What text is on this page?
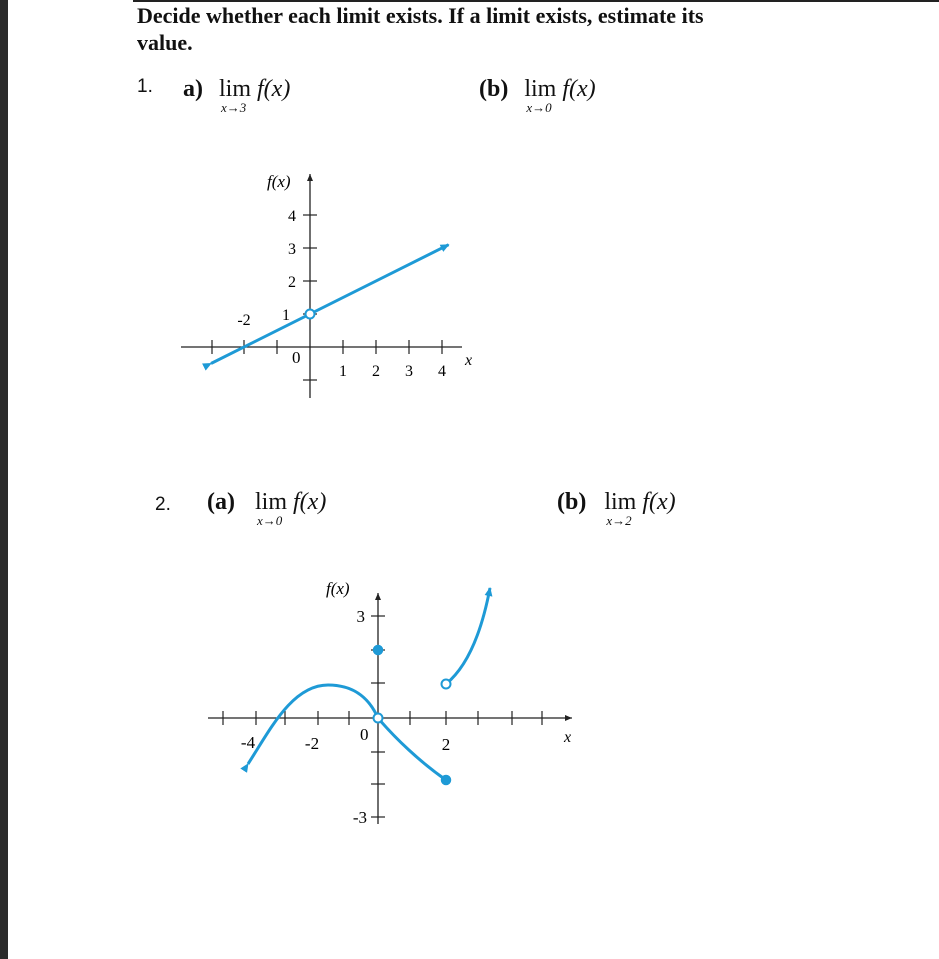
Decide whether each limit exists. If a limit exists, estimate its
value.
1. a) lim
x→3
f(x)	(b) lim
x→0
f(x)
f(x)
x
0
1
2
3
4
1 2 3 4
-2
f(x)
x
0
3
-3
-4	-2	2
2. (a) lim
x→0
f(x)	(b) lim
x→2
f(x)
